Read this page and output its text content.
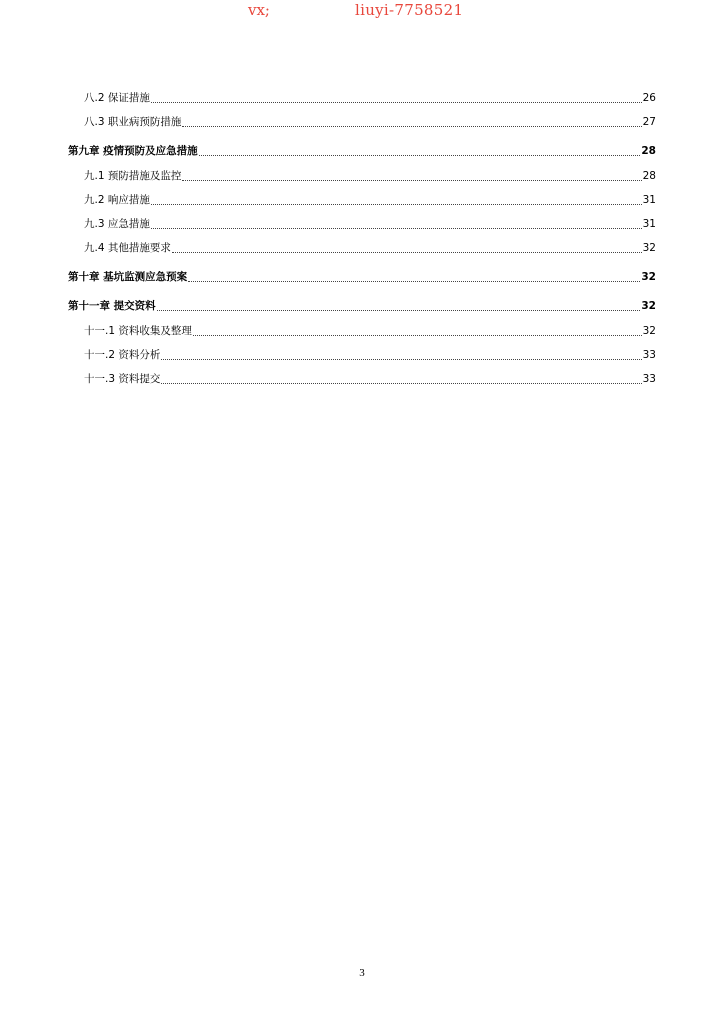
vx;

	liuyi-7758521

八.2 保证措施	26
八.3 职业病预防措施	27
第九章 疫情预防及应急措施	28
九.1 预防措施及监控	28
九.2 响应措施	31
九.3 应急措施	31
九.4 其他措施要求	32
第十章 基坑监测应急预案	32
第十一章 提交资料	32
十一.1 资料收集及整理	32
十一.2 资料分析	33
十一.3 资料提交	33
3
